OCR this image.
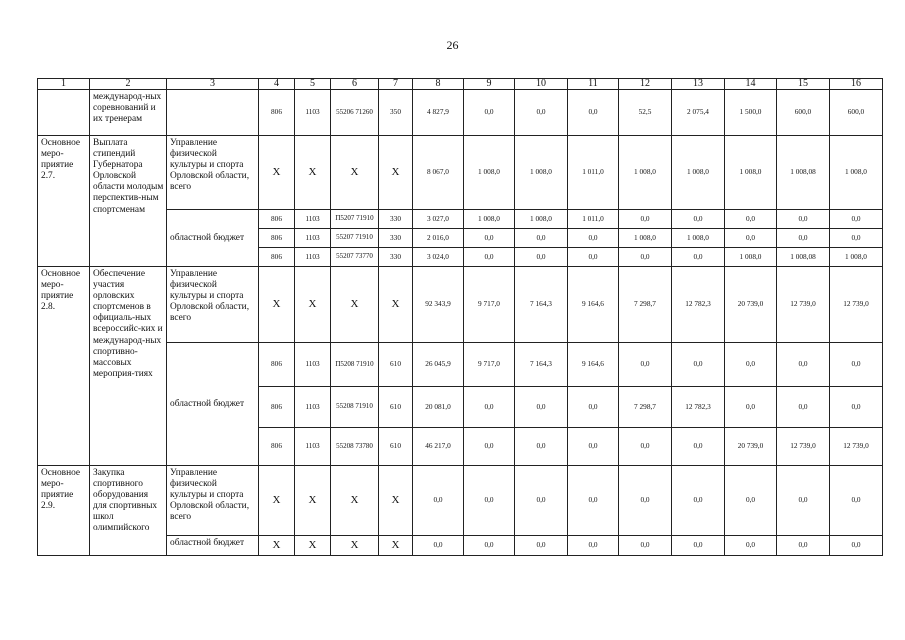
26
1	2	3	4	5	6	7	8	9	10	11	12	13	14	15	16
	международ-ных соревнований и их тренерам		806	1103	55206 71260	350	4 827,9	0,0	0,0	0,0	52,5	2 075,4	1 500,0	600,0	600,0
Основное меро-приятие 2.7.	Выплата стипендий Губернатора Орловской области молодым перспектив-ным спортсменам	Управление физической культуры и спорта Орловской области, всего	Х	Х	Х	Х	8 067,0	1 008,0	1 008,0	1 011,0	1 008,0	1 008,0	1 008,0	1 008,08	1 008,0
		областной бюджет	806	1103	П5207 71910	330	3 027,0	1 008,0	1 008,0	1 011,0	0,0	0,0	0,0	0,0	0,0
			806	1103	55207 71910	330	2 016,0	0,0	0,0	0,0	1 008,0	1 008,0	0,0	0,0	0,0
			806	1103	55207 73770	330	3 024,0	0,0	0,0	0,0	0,0	0,0	1 008,0	1 008,08	1 008,0
Основное меро-приятие 2.8.	Обеспечение участия орловских спортсменов в официаль-ных всероссийс-ких и международ-ных спортивно-массовых мероприя-тиях	Управление физической культуры и спорта Орловской области, всего	Х	Х	Х	Х	92 343,9	9 717,0	7 164,3	9 164,6	7 298,7	12 782,3	20 739,0	12 739,0	12 739,0
		областной бюджет	806	1103	П5208 71910	610	26 045,9	9 717,0	7 164,3	9 164,6	0,0	0,0	0,0	0,0	0,0
			806	1103	55208 71910	610	20 081,0	0,0	0,0	0,0	7 298,7	12 782,3	0,0	0,0	0,0
			806	1103	55208 73780	610	46 217,0	0,0	0,0	0,0	0,0	0,0	20 739,0	12 739,0	12 739,0
Основное меро-приятие 2.9.	Закупка спортивного оборудования для спортивных школ олимпийского	Управление физической культуры и спорта Орловской области, всего	Х	Х	Х	Х	0,0	0,0	0,0	0,0	0,0	0,0	0,0	0,0	0,0
		областной бюджет	Х	Х	Х	Х	0,0	0,0	0,0	0,0	0,0	0,0	0,0	0,0	0,0
